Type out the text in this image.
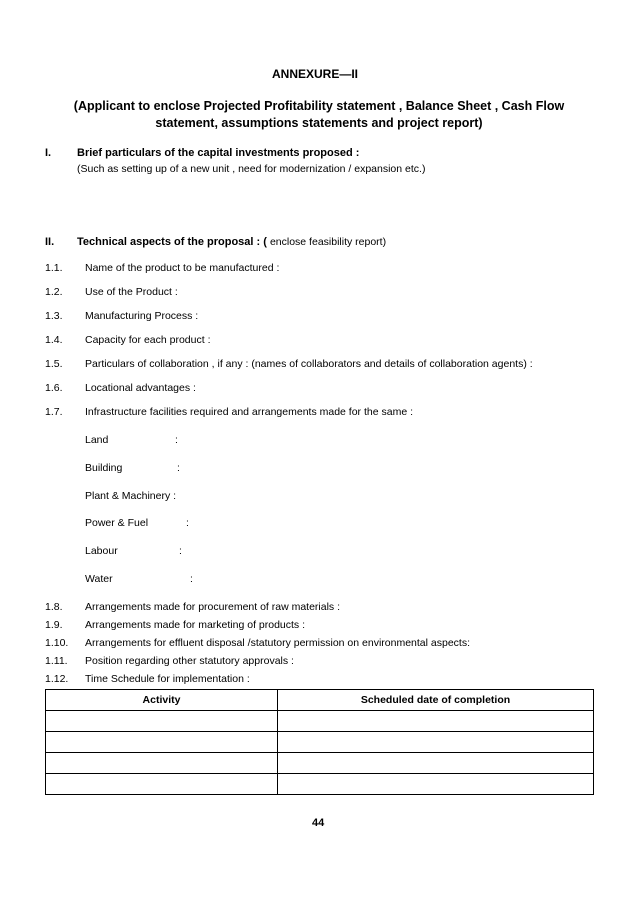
ANNEXURE—II
(Applicant to enclose Projected Profitability statement , Balance Sheet , Cash Flow statement, assumptions statements and project report)
I. Brief particulars of the capital investments proposed :
(Such as setting up of a new unit , need for modernization / expansion etc.)
II. Technical aspects of the proposal : ( enclose feasibility report)
1.1. Name of the product to be manufactured :
1.2. Use of the Product :
1.3. Manufacturing Process :
1.4. Capacity for each product :
1.5. Particulars of collaboration , if any : (names of collaborators and details of collaboration agents) :
1.6. Locational advantages :
1.7. Infrastructure facilities required and arrangements made for the same :
Land	:
Building	:
Plant & Machinery :
Power & Fuel	:
Labour	:
Water	:
1.8. Arrangements made for procurement of raw materials :
1.9. Arrangements made for marketing of products :
1.10. Arrangements for effluent disposal /statutory permission on environmental aspects:
1.11. Position regarding other statutory approvals :
1.12. Time Schedule for implementation :
Activity	Scheduled date of completion

44
